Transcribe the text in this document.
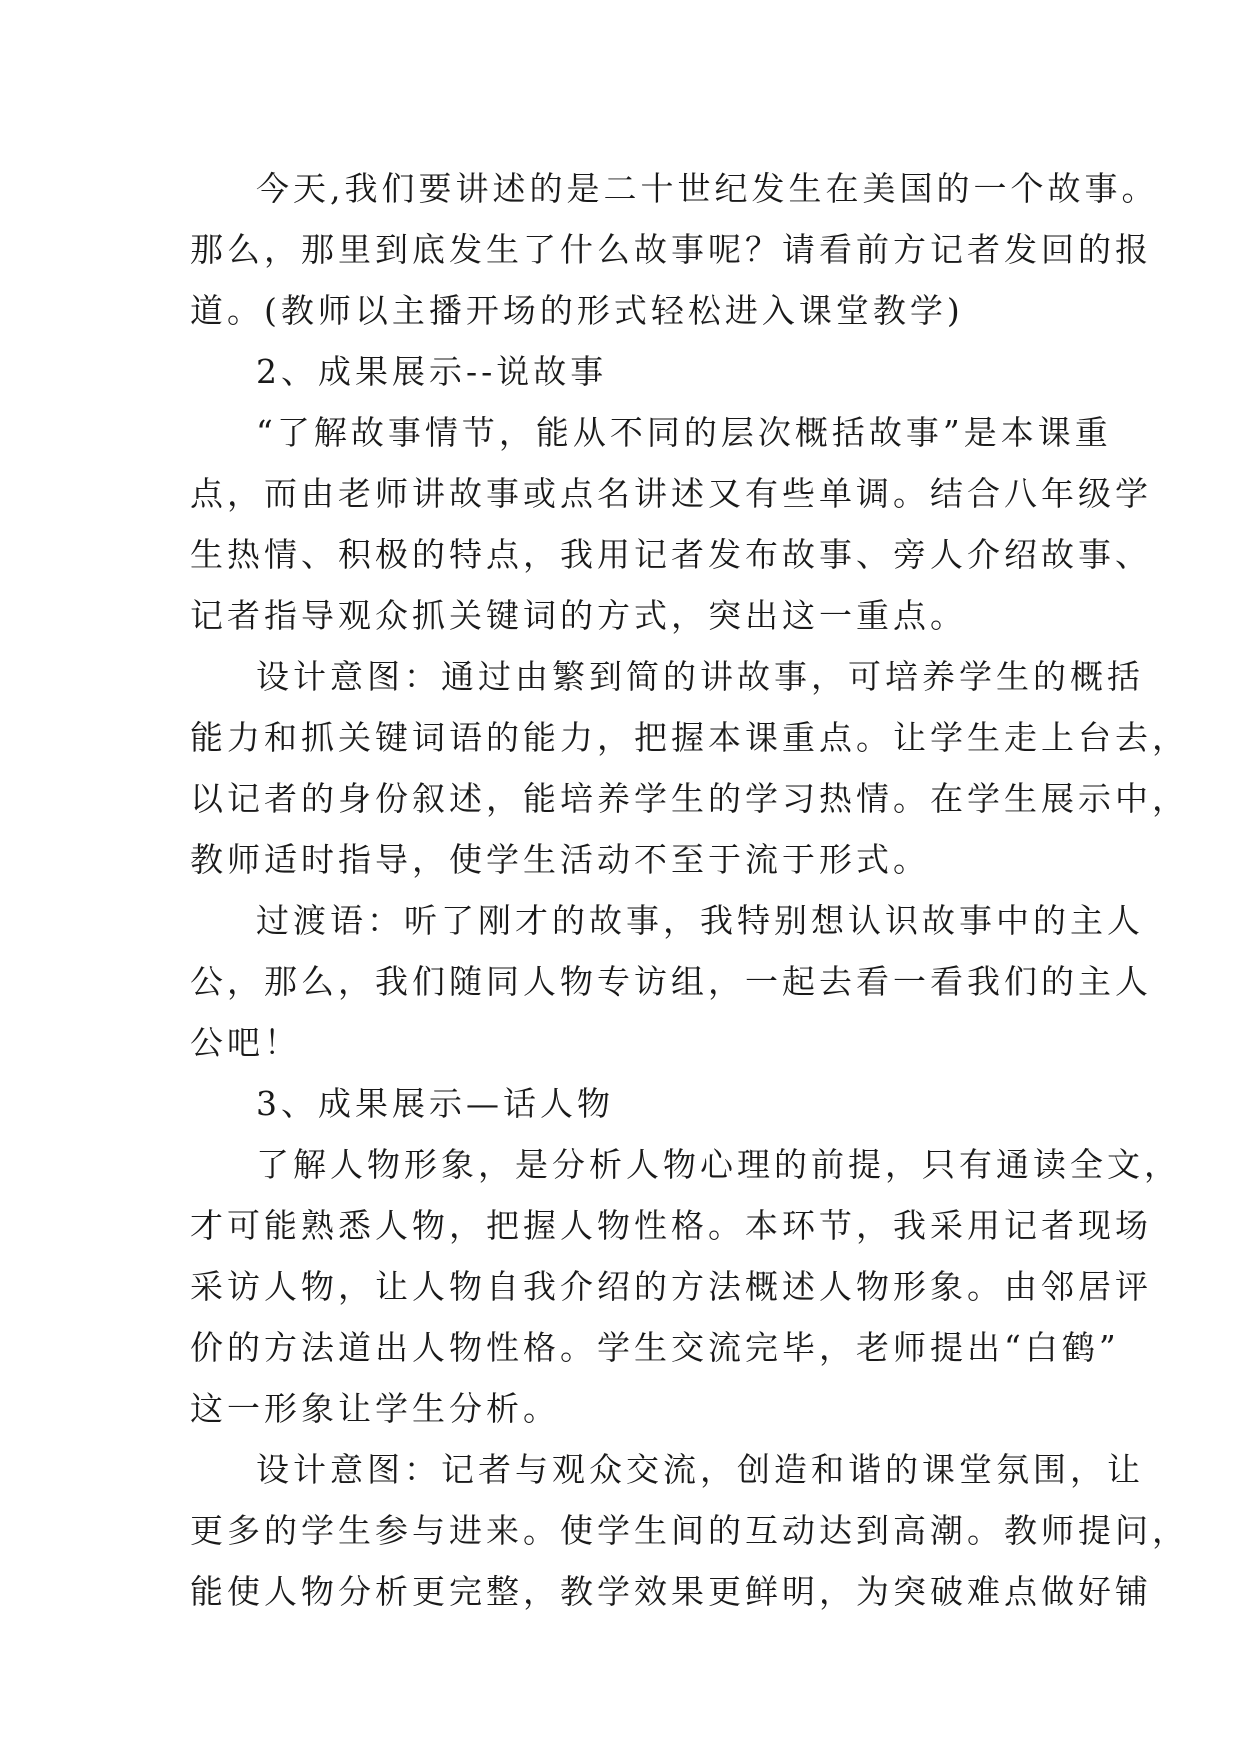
今天,我们要讲述的是二十世纪发生在美国的一个故事。
那么，那里到底发生了什么故事呢？请看前方记者发回的报
道。(教师以主播开场的形式轻松进入课堂教学)
2、成果展示--说故事
“了解故事情节，能从不同的层次概括故事”是本课重
点，而由老师讲故事或点名讲述又有些单调。结合八年级学
生热情、积极的特点，我用记者发布故事、旁人介绍故事、
记者指导观众抓关键词的方式，突出这一重点。
设计意图：通过由繁到简的讲故事，可培养学生的概括
能力和抓关键词语的能力，把握本课重点。让学生走上台去，
以记者的身份叙述，能培养学生的学习热情。在学生展示中，
教师适时指导，使学生活动不至于流于形式。
过渡语：听了刚才的故事，我特别想认识故事中的主人
公，那么，我们随同人物专访组，一起去看一看我们的主人
公吧！
3、成果展示—话人物
了解人物形象，是分析人物心理的前提，只有通读全文，
才可能熟悉人物，把握人物性格。本环节，我采用记者现场
采访人物，让人物自我介绍的方法概述人物形象。由邻居评
价的方法道出人物性格。学生交流完毕，老师提出“白鹤”
这一形象让学生分析。
设计意图：记者与观众交流，创造和谐的课堂氛围，让
更多的学生参与进来。使学生间的互动达到高潮。教师提问，
能使人物分析更完整，教学效果更鲜明，为突破难点做好铺
